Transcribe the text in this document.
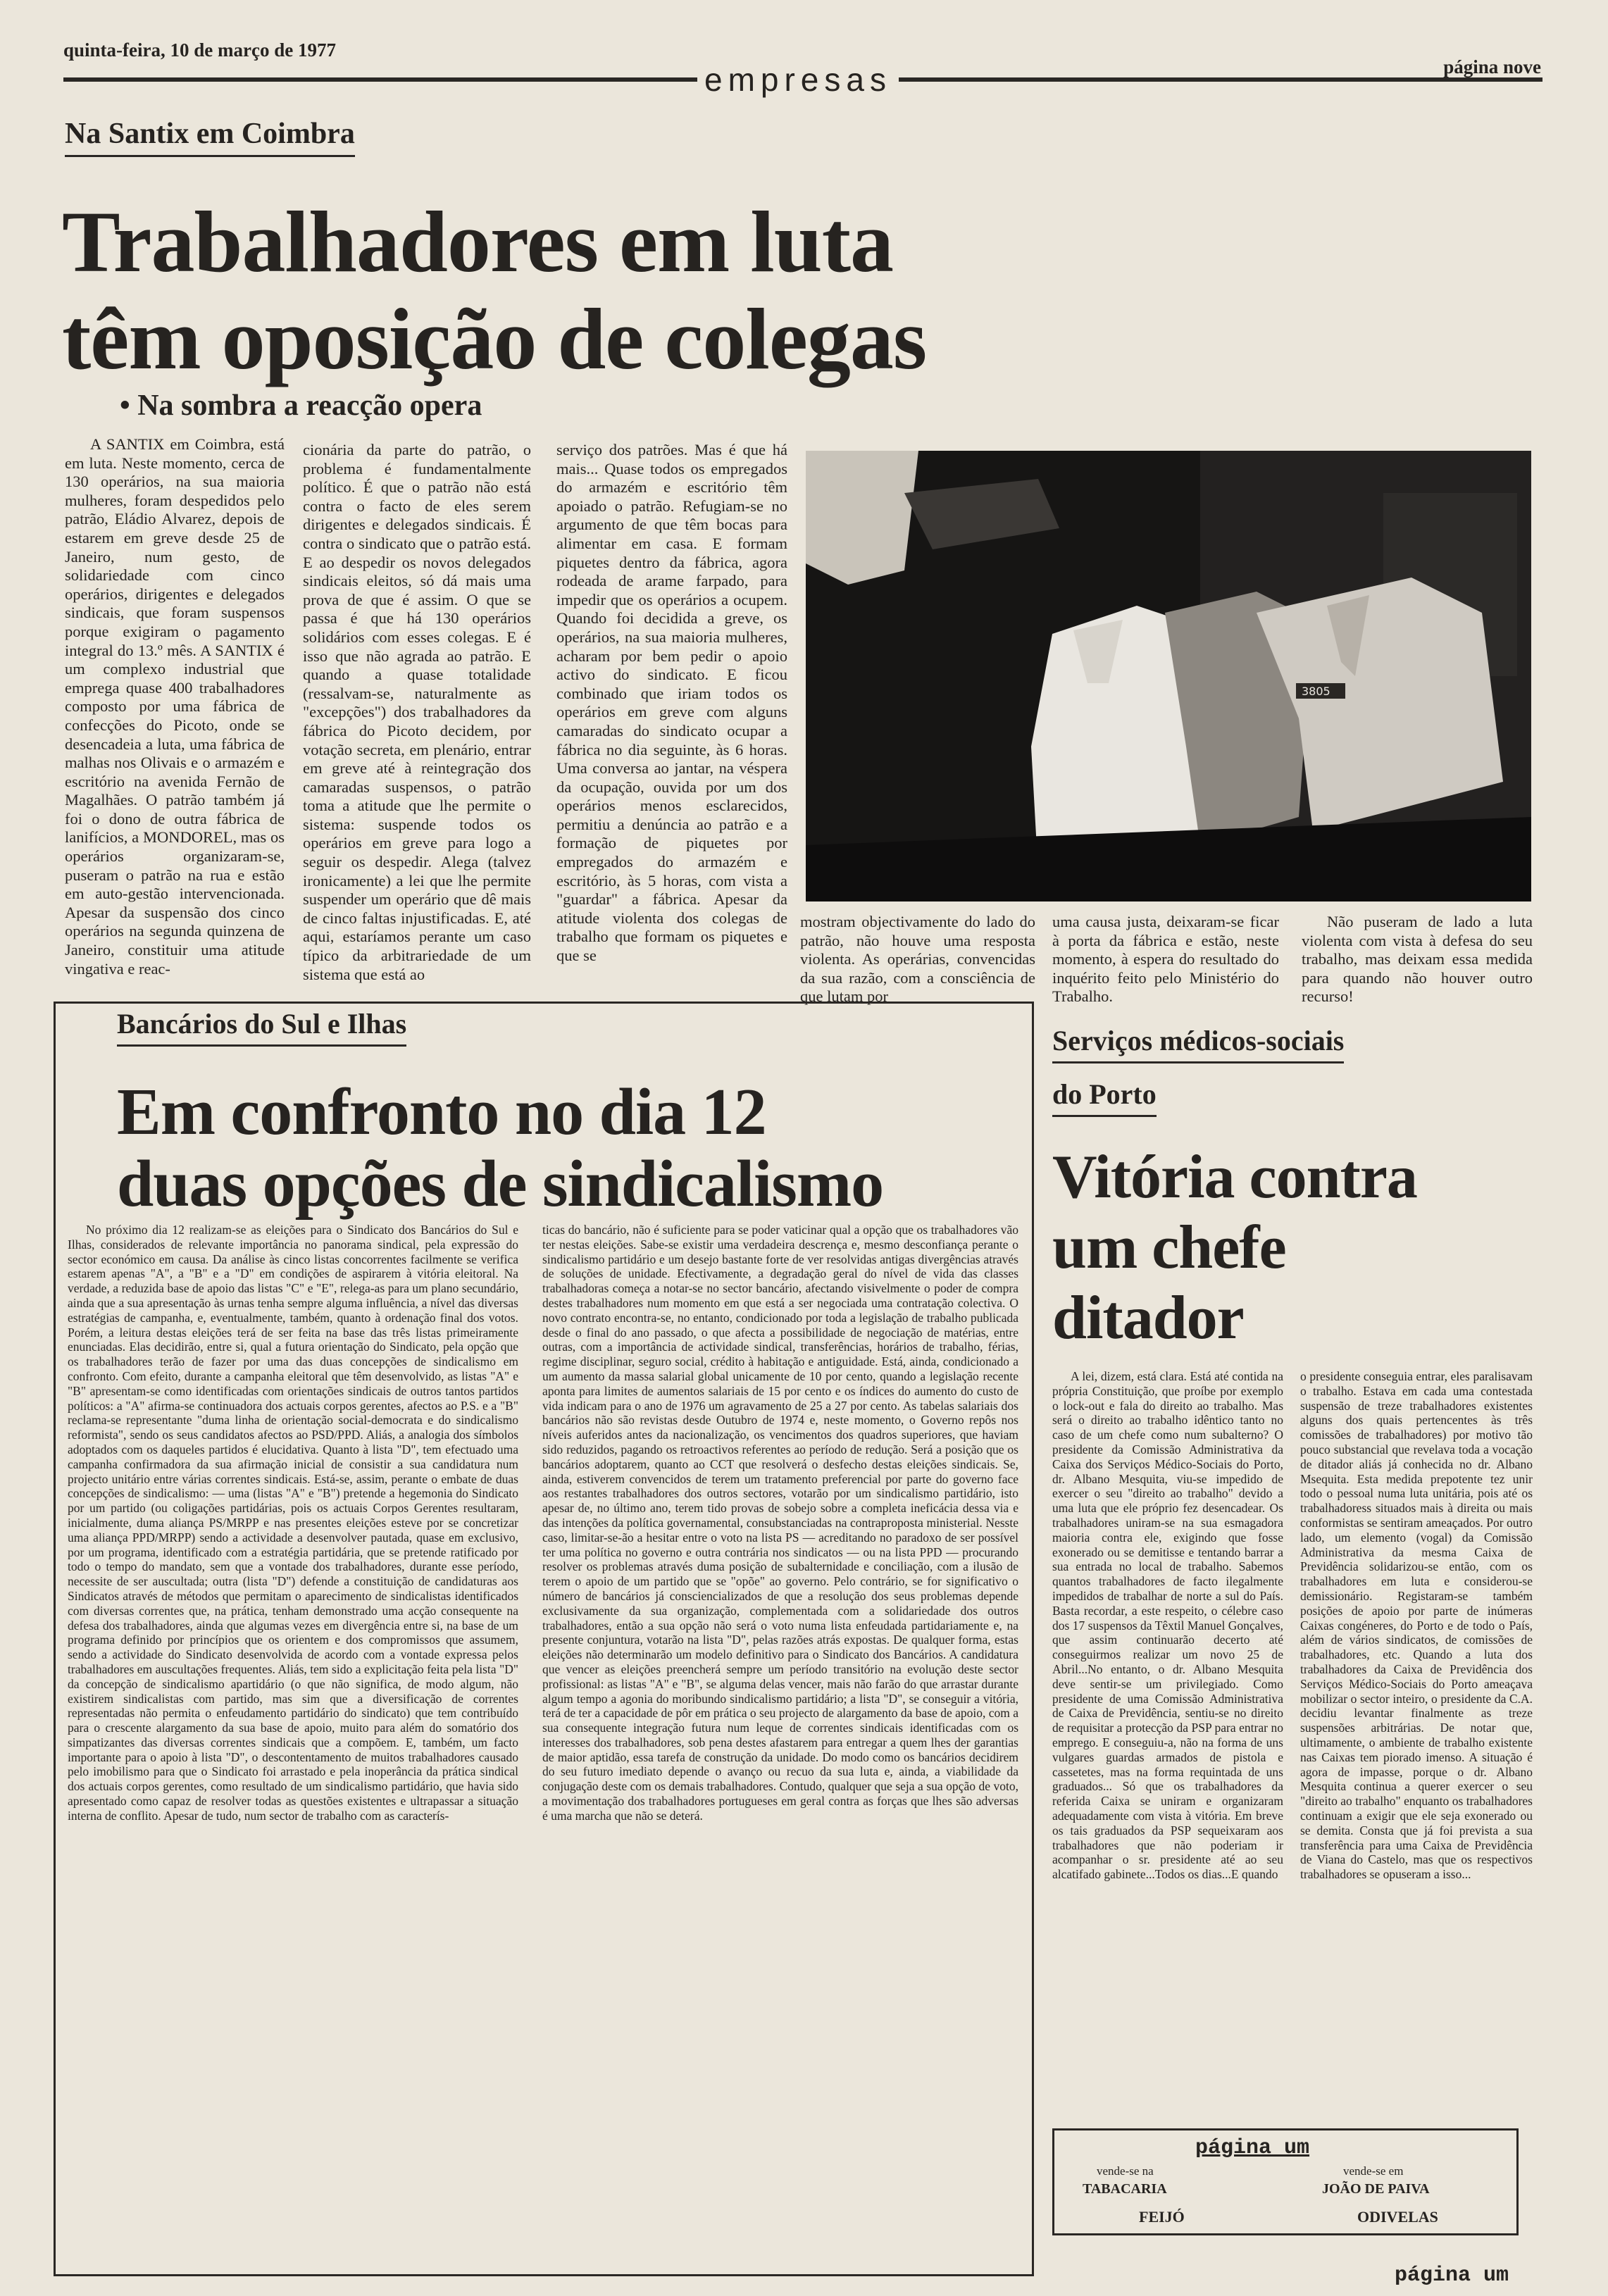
quinta-feira, 10 de março de 1977
empresas	página nove
Na Santix em Coimbra
Trabalhadores em luta
têm oposição de colegas
• Na sombra a reacção opera

A SANTIX em Coimbra, está em luta. Neste momento, cerca de 130 operários, na sua maioria mulheres, foram despedidos pelo patrão, Eládio Alvarez, depois de estarem em greve desde 25 de Janeiro, num gesto, de solidariedade com cinco operários, dirigentes e delegados sindicais, que foram suspensos porque exigiram o pagamento integral do 13.º mês. A SANTIX é um complexo industrial que emprega quase 400 trabalhadores composto por uma fábrica de confecções do Picoto, onde se desencadeia a luta, uma fábrica de malhas nos Olivais e o armazém e escritório na avenida Fernão de Magalhães. O patrão também já foi o dono de outra fábrica de lanifícios, a MONDOREL, mas os operários organizaram-se, puseram o patrão na rua e estão em auto-gestão intervencionada. Apesar da suspensão dos cinco operários na segunda quinzena de Janeiro, constituir uma atitude vingativa e reac-

cionária da parte do patrão, o problema é fundamentalmente político. É que o patrão não está contra o facto de eles serem dirigentes e delegados sindicais. É contra o sindicato que o patrão está. E ao despedir os novos delegados sindicais eleitos, só dá mais uma prova de que é assim. O que se passa é que há 130 operários solidários com esses colegas. E é isso que não agrada ao patrão. E quando a quase totalidade (ressalvam-se, naturalmente as "excepções") dos trabalhadores da fábrica do Picoto decidem, por votação secreta, em plenário, entrar em greve até à reintegração dos camaradas suspensos, o patrão toma a atitude que lhe permite o sistema: suspende todos os operários em greve para logo a seguir os despedir. Alega (talvez ironicamente) a lei que lhe permite suspender um operário que dê mais de cinco faltas injustificadas. E, até aqui, estaríamos perante um caso típico da arbitrariedade de um sistema que está ao

serviço dos patrões. Mas é que há mais... Quase todos os empregados do armazém e escritório têm apoiado o patrão. Refugiam-se no argumento de que têm bocas para alimentar em casa. E formam piquetes dentro da fábrica, agora rodeada de arame farpado, para impedir que os operários a ocupem. Quando foi decidida a greve, os operários, na sua maioria mulheres, acharam por bem pedir o apoio activo do sindicato. E ficou combinado que iriam todos os operários em greve com alguns camaradas do sindicato ocupar a fábrica no dia seguinte, às 6 horas. Uma conversa ao jantar, na véspera da ocupação, ouvida por um dos operários menos esclarecidos, permitiu a denúncia ao patrão e a formação de piquetes por empregados do armazém e escritório, às 5 horas, com vista a "guardar" a fábrica. Apesar da atitude violenta dos colegas de trabalho que formam os piquetes e que se

3805

mostram objectivamente do lado do patrão, não houve uma resposta violenta. As operárias, convencidas da sua razão, com a consciência de que lutam por

uma causa justa, deixaram-se ficar à porta da fábrica e estão, neste momento, à espera do resultado do inquérito feito pelo Ministério do Trabalho.

Não puseram de lado a luta violenta com vista à defesa do seu trabalho, mas deixam essa medida para quando não houver outro recurso!

Bancários do Sul e Ilhas
Em confronto no dia 12
duas opções de sindicalismo

No próximo dia 12 realizam-se as eleições para o Sindicato dos Bancários do Sul e Ilhas, considerados de relevante importância no panorama sindical, pela expressão do sector económico em causa. Da análise às cinco listas concorrentes facilmente se verifica estarem apenas "A", a "B" e a "D" em condições de aspirarem à vitória eleitoral. Na verdade, a reduzida base de apoio das listas "C" e "E", relega-as para um plano secundário, ainda que a sua apresentação às urnas tenha sempre alguma influência, a nível das diversas estratégias de campanha, e, eventualmente, também, quanto à ordenação final dos votos. Porém, a leitura destas eleições terá de ser feita na base das três listas primeiramente enunciadas. Elas decidirão, entre si, qual a futura orientação do Sindicato, pela opção que os trabalhadores terão de fazer por uma das duas concepções de sindicalismo em confronto. Com efeito, durante a campanha eleitoral que têm desenvolvido, as listas "A" e "B" apresentam-se como identificadas com orientações sindicais de outros tantos partidos políticos: a "A" afirma-se continuadora dos actuais corpos gerentes, afectos ao P.S. e a "B" reclama-se representante "duma linha de orientação social-democrata e do sindicalismo reformista", sendo os seus candidatos afectos ao PSD/PPD. Aliás, a analogia dos símbolos adoptados com os daqueles partidos é elucidativa. Quanto à lista "D", tem efectuado uma campanha confirmadora da sua afirmação inicial de consistir a sua candidatura num projecto unitário entre várias correntes sindicais. Está-se, assim, perante o embate de duas concepções de sindicalismo: — uma (listas "A" e "B") pretende a hegemonia do Sindicato por um partido (ou coligações partidárias, pois os actuais Corpos Gerentes resultaram, inicialmente, duma aliança PS/MRPP e nas presentes eleições esteve por se concretizar uma aliança PPD/MRPP) sendo a actividade a desenvolver pautada, quase em exclusivo, por um programa, identificado com a estratégia partidária, que se pretende ratificado por todo o tempo do mandato, sem que a vontade dos trabalhadores, durante esse período, necessite de ser auscultada; outra (lista "D") defende a constituição de candidaturas aos Sindicatos através de métodos que permitam o aparecimento de sindicalistas identificados com diversas correntes que, na prática, tenham demonstrado uma acção consequente na defesa dos trabalhadores, ainda que algumas vezes em divergência entre si, na base de um programa definido por princípios que os orientem e dos compromissos que assumem, sendo a actividade do Sindicato desenvolvida de acordo com a vontade expressa pelos trabalhadores em auscultações frequentes. Aliás, tem sido a explicitação feita pela lista "D" da concepção de sindicalismo apartidário (o que não significa, de modo algum, não existirem sindicalistas com partido, mas sim que a diversificação de correntes representadas não permita o enfeudamento partidário do sindicato) que tem contribuído para o crescente alargamento da sua base de apoio, muito para além do somatório dos simpatizantes das diversas correntes sindicais que a compõem. E, também, um facto importante para o apoio à lista "D", o descontentamento de muitos trabalhadores causado pelo imobilismo para que o Sindicato foi arrastado e pela inoperância da prática sindical dos actuais corpos gerentes, como resultado de um sindicalismo partidário, que havia sido apresentado como capaz de resolver todas as questões existentes e ultrapassar a situação interna de conflito. Apesar de tudo, num sector de trabalho com as caracterís-

ticas do bancário, não é suficiente para se poder vaticinar qual a opção que os trabalhadores vão ter nestas eleições. Sabe-se existir uma verdadeira descrença e, mesmo desconfiança perante o sindicalismo partidário e um desejo bastante forte de ver resolvidas antigas divergências através de soluções de unidade. Efectivamente, a degradação geral do nível de vida das classes trabalhadoras começa a notar-se no sector bancário, afectando visivelmente o poder de compra destes trabalhadores num momento em que está a ser negociada uma contratação colectiva. O novo contrato encontra-se, no entanto, condicionado por toda a legislação de trabalho publicada desde o final do ano passado, o que afecta a possibilidade de negociação de matérias, entre outras, com a importância de actividade sindical, transferências, horários de trabalho, férias, regime disciplinar, seguro social, crédito à habitação e antiguidade. Está, ainda, condicionado a um aumento da massa salarial global unicamente de 10 por cento, quando a legislação recente aponta para limites de aumentos salariais de 15 por cento e os índices do aumento do custo de vida indicam para o ano de 1976 um agravamento de 25 a 27 por cento. As tabelas salariais dos bancários não são revistas desde Outubro de 1974 e, neste momento, o Governo repôs nos níveis auferidos antes da nacionalização, os vencimentos dos quadros superiores, que haviam sido reduzidos, pagando os retroactivos referentes ao período de redução. Será a posição que os bancários adoptarem, quanto ao CCT que resolverá o desfecho destas eleições sindicais. Se, ainda, estiverem convencidos de terem um tratamento preferencial por parte do governo face aos restantes trabalhadores dos outros sectores, votarão por um sindicalismo partidário, isto apesar de, no último ano, terem tido provas de sobejo sobre a completa ineficácia dessa via e das intenções da política governamental, consubstanciadas na contraproposta ministerial. Nesste caso, limitar-se-ão a hesitar entre o voto na lista PS — acreditando no paradoxo de ser possível ter uma política no governo e outra contrária nos sindicatos — ou na lista PPD — procurando resolver os problemas através duma posição de subalternidade e conciliação, com a ilusão de terem o apoio de um partido que se "opõe" ao governo. Pelo contrário, se for significativo o número de bancários já consciencializados de que a resolução dos seus problemas depende exclusivamente da sua organização, complementada com a solidariedade dos outros trabalhadores, então a sua opção não será o voto numa lista enfeudada partidariamente e, na presente conjuntura, votarão na lista "D", pelas razões atrás expostas. De qualquer forma, estas eleições não determinarão um modelo definitivo para o Sindicato dos Bancários. A candidatura que vencer as eleições preencherá sempre um período transitório na evolução deste sector profissional: as listas "A" e "B", se alguma delas vencer, mais não farão do que arrastar durante algum tempo a agonia do moribundo sindicalismo partidário; a lista "D", se conseguir a vitória, terá de ter a capacidade de pôr em prática o seu projecto de alargamento da base de apoio, com a sua consequente integração futura num leque de correntes sindicais identificadas com os interesses dos trabalhadores, sob pena destes afastarem para entregar a quem lhes der garantias de maior aptidão, essa tarefa de construção da unidade. Do modo como os bancários decidirem do seu futuro imediato depende o avanço ou recuo da sua luta e, ainda, a viabilidade da conjugação deste com os demais trabalhadores. Contudo, qualquer que seja a sua opção de voto, a movimentação dos trabalhadores portugueses em geral contra as forças que lhes são adversas é uma marcha que não se deterá.

Serviços médicos-sociais
do Porto
Vitória contra
um chefe
ditador

A lei, dizem, está clara. Está até contida na própria Constituição, que proíbe por exemplo o lock-out e fala do direito ao trabalho. Mas será o direito ao trabalho idêntico tanto no caso de um chefe como num subalterno? O presidente da Comissão Administrativa da Caixa dos Serviços Médico-Sociais do Porto, dr. Albano Mesquita, viu-se impedido de exercer o seu "direito ao trabalho" devido a uma luta que ele próprio fez desencadear. Os trabalhadores uniram-se na sua esmagadora maioria contra ele, exigindo que fosse exonerado ou se demitisse e tentando barrar a sua entrada no local de trabalho. Sabemos quantos trabalhadores de facto ilegalmente impedidos de trabalhar de norte a sul do País. Basta recordar, a este respeito, o célebre caso dos 17 suspensos da Têxtil Manuel Gonçalves, que assim continuarão decerto até conseguirmos realizar um novo 25 de Abril...No entanto, o dr. Albano Mesquita deve sentir-se um privilegiado. Como presidente de uma Comissão Administrativa de Caixa de Previdência, sentiu-se no direito de requisitar a protecção da PSP para entrar no emprego. E conseguiu-a, não na forma de uns vulgares guardas armados de pistola e cassetetes, mas na forma requintada de uns graduados... Só que os trabalhadores da referida Caixa se uniram e organizaram adequadamente com vista à vitória. Em breve os tais graduados da PSP sequeixaram aos trabalhadores que não poderiam ir acompanhar o sr. presidente até ao seu alcatifado gabinete...Todos os dias...E quando

o presidente conseguia entrar, eles paralisavam o trabalho. Estava em cada uma contestada suspensão de treze trabalhadores existentes alguns dos quais pertencentes às três comissões de trabalhadores) por motivo tão pouco substancial que revelava toda a vocação de ditador aliás já conhecida no dr. Albano Msequita. Esta medida prepotente tez unir todo o pessoal numa luta unitária, pois até os trabalhadoress situados mais à direita ou mais conformistas se sentiram ameaçados. Por outro lado, um elemento (vogal) da Comissão Administrativa da mesma Caixa de Previdência solidarizou-se então, com os trabalhadores em luta e considerou-se demissionário. Registaram-se também posições de apoio por parte de inúmeras Caixas congéneres, do Porto e de todo o País, além de vários sindicatos, de comissões de trabalhadores, etc. Quando a luta dos trabalhadores da Caixa de Previdência dos Serviços Médico-Sociais do Porto ameaçava mobilizar o sector inteiro, o presidente da C.A. decidiu levantar finalmente as treze suspensões arbitrárias. De notar que, ultimamente, o ambiente de trabalho existente nas Caixas tem piorado imenso. A situação é agora de impasse, porque o dr. Albano Mesquita continua a querer exercer o seu "direito ao trabalho" enquanto os trabalhadores continuam a exigir que ele seja exonerado ou se demita. Consta que já foi prevista a sua transferência para uma Caixa de Previdência de Viana do Castelo, mas que os respectivos trabalhadores se opuseram a isso...

página um
vende-se na
TABACARIA
FEIJÓ
vende-se em
JOÃO DE PAIVA
ODIVELAS
página um
